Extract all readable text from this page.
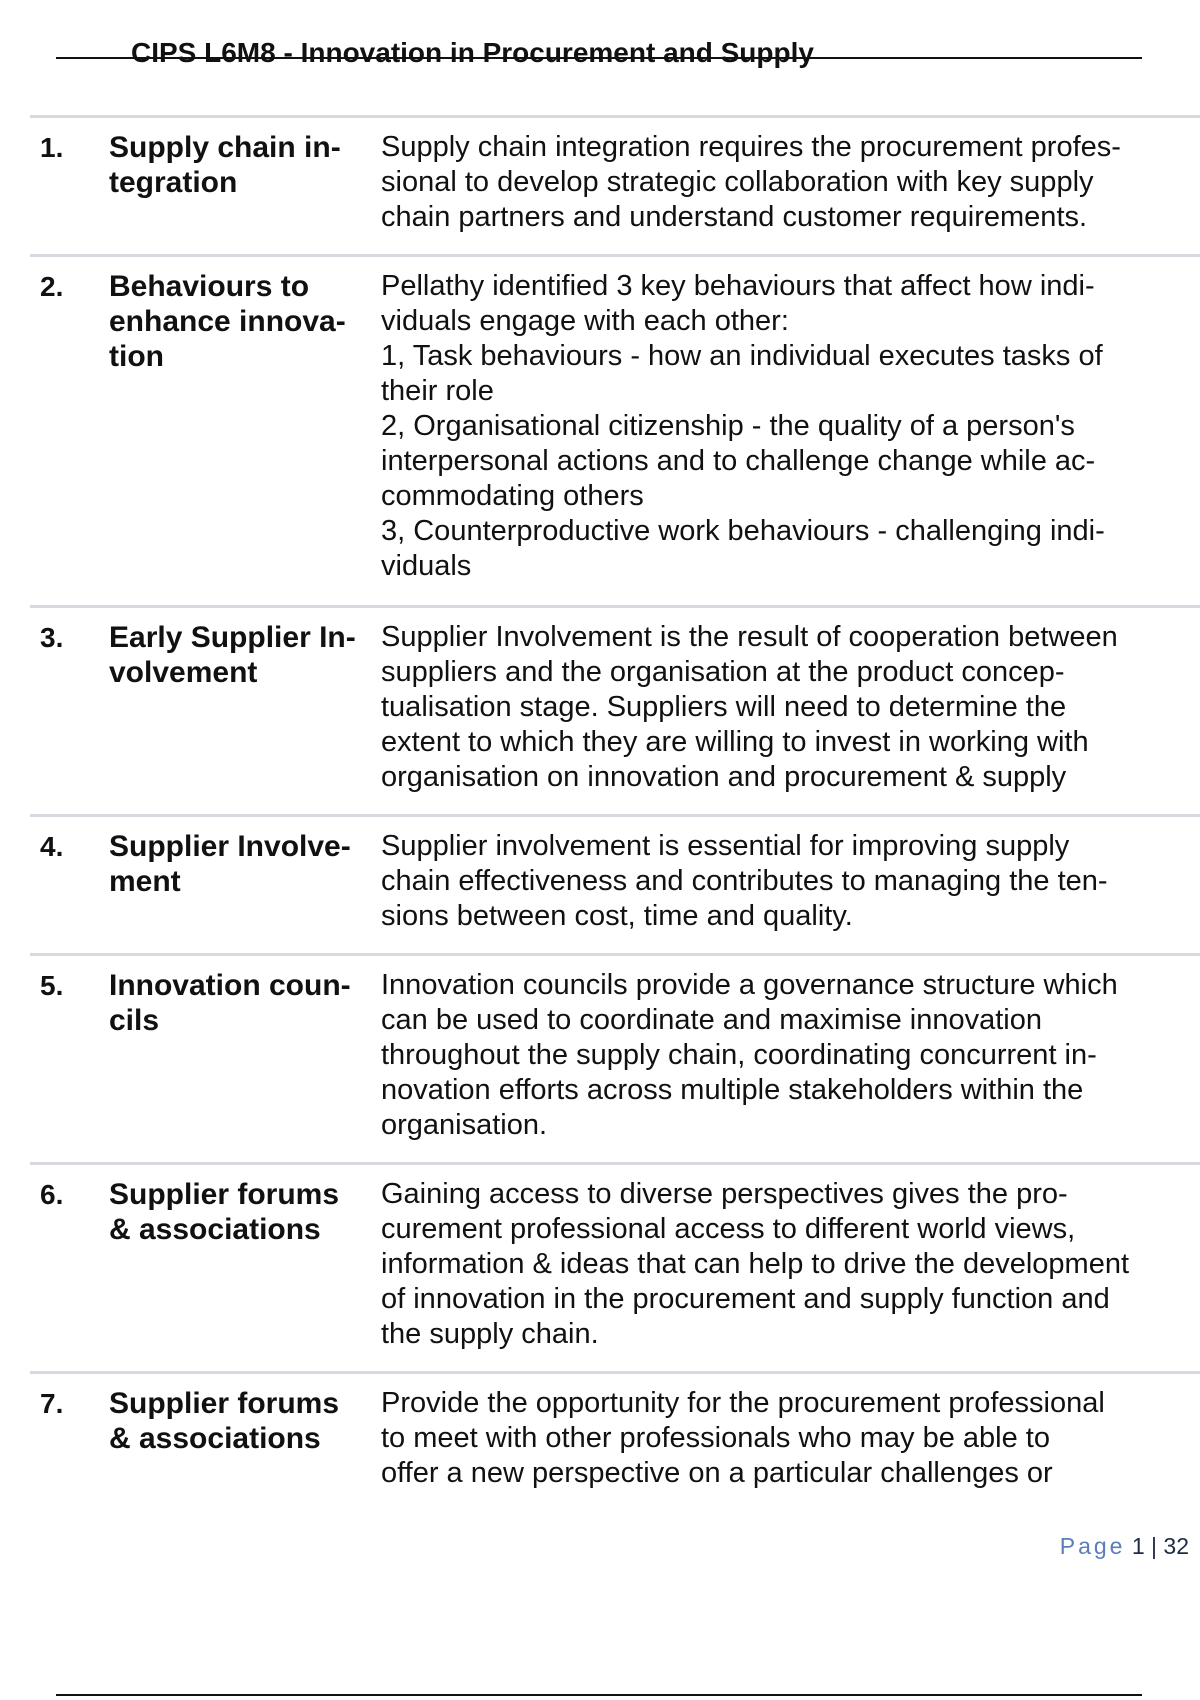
CIPS L6M8 - Innovation in Procurement and Supply
1. Supply chain in-
tegration
Supply chain integration requires the procurement profes-
sional to develop strategic collaboration with key supply
chain partners and understand customer requirements.
2. Behaviours to
enhance innova-
tion
Pellathy identified 3 key behaviours that affect how indi-
viduals engage with each other:
1, Task behaviours - how an individual executes tasks of
their role
2, Organisational citizenship - the quality of a person's
interpersonal actions and to challenge change while ac-
commodating others
3, Counterproductive work behaviours - challenging indi-
viduals
3. Early Supplier In-
volvement
Supplier Involvement is the result of cooperation between
suppliers and the organisation at the product concep-
tualisation stage. Suppliers will need to determine the
extent to which they are willing to invest in working with
organisation on innovation and procurement & supply
4. Supplier Involve-
ment
Supplier involvement is essential for improving supply
chain effectiveness and contributes to managing the ten-
sions between cost, time and quality.
5. Innovation coun-
cils
Innovation councils provide a governance structure which
can be used to coordinate and maximise innovation
throughout the supply chain, coordinating concurrent in-
novation efforts across multiple stakeholders within the
organisation.
6. Supplier forums
& associations
Gaining access to diverse perspectives gives the pro-
curement professional access to different world views,
information & ideas that can help to drive the development
of innovation in the procurement and supply function and
the supply chain.
7. Supplier forums
& associations
Provide the opportunity for the procurement professional
to meet with other professionals who may be able to
offer a new perspective on a particular challenges or
Page 1 | 32
